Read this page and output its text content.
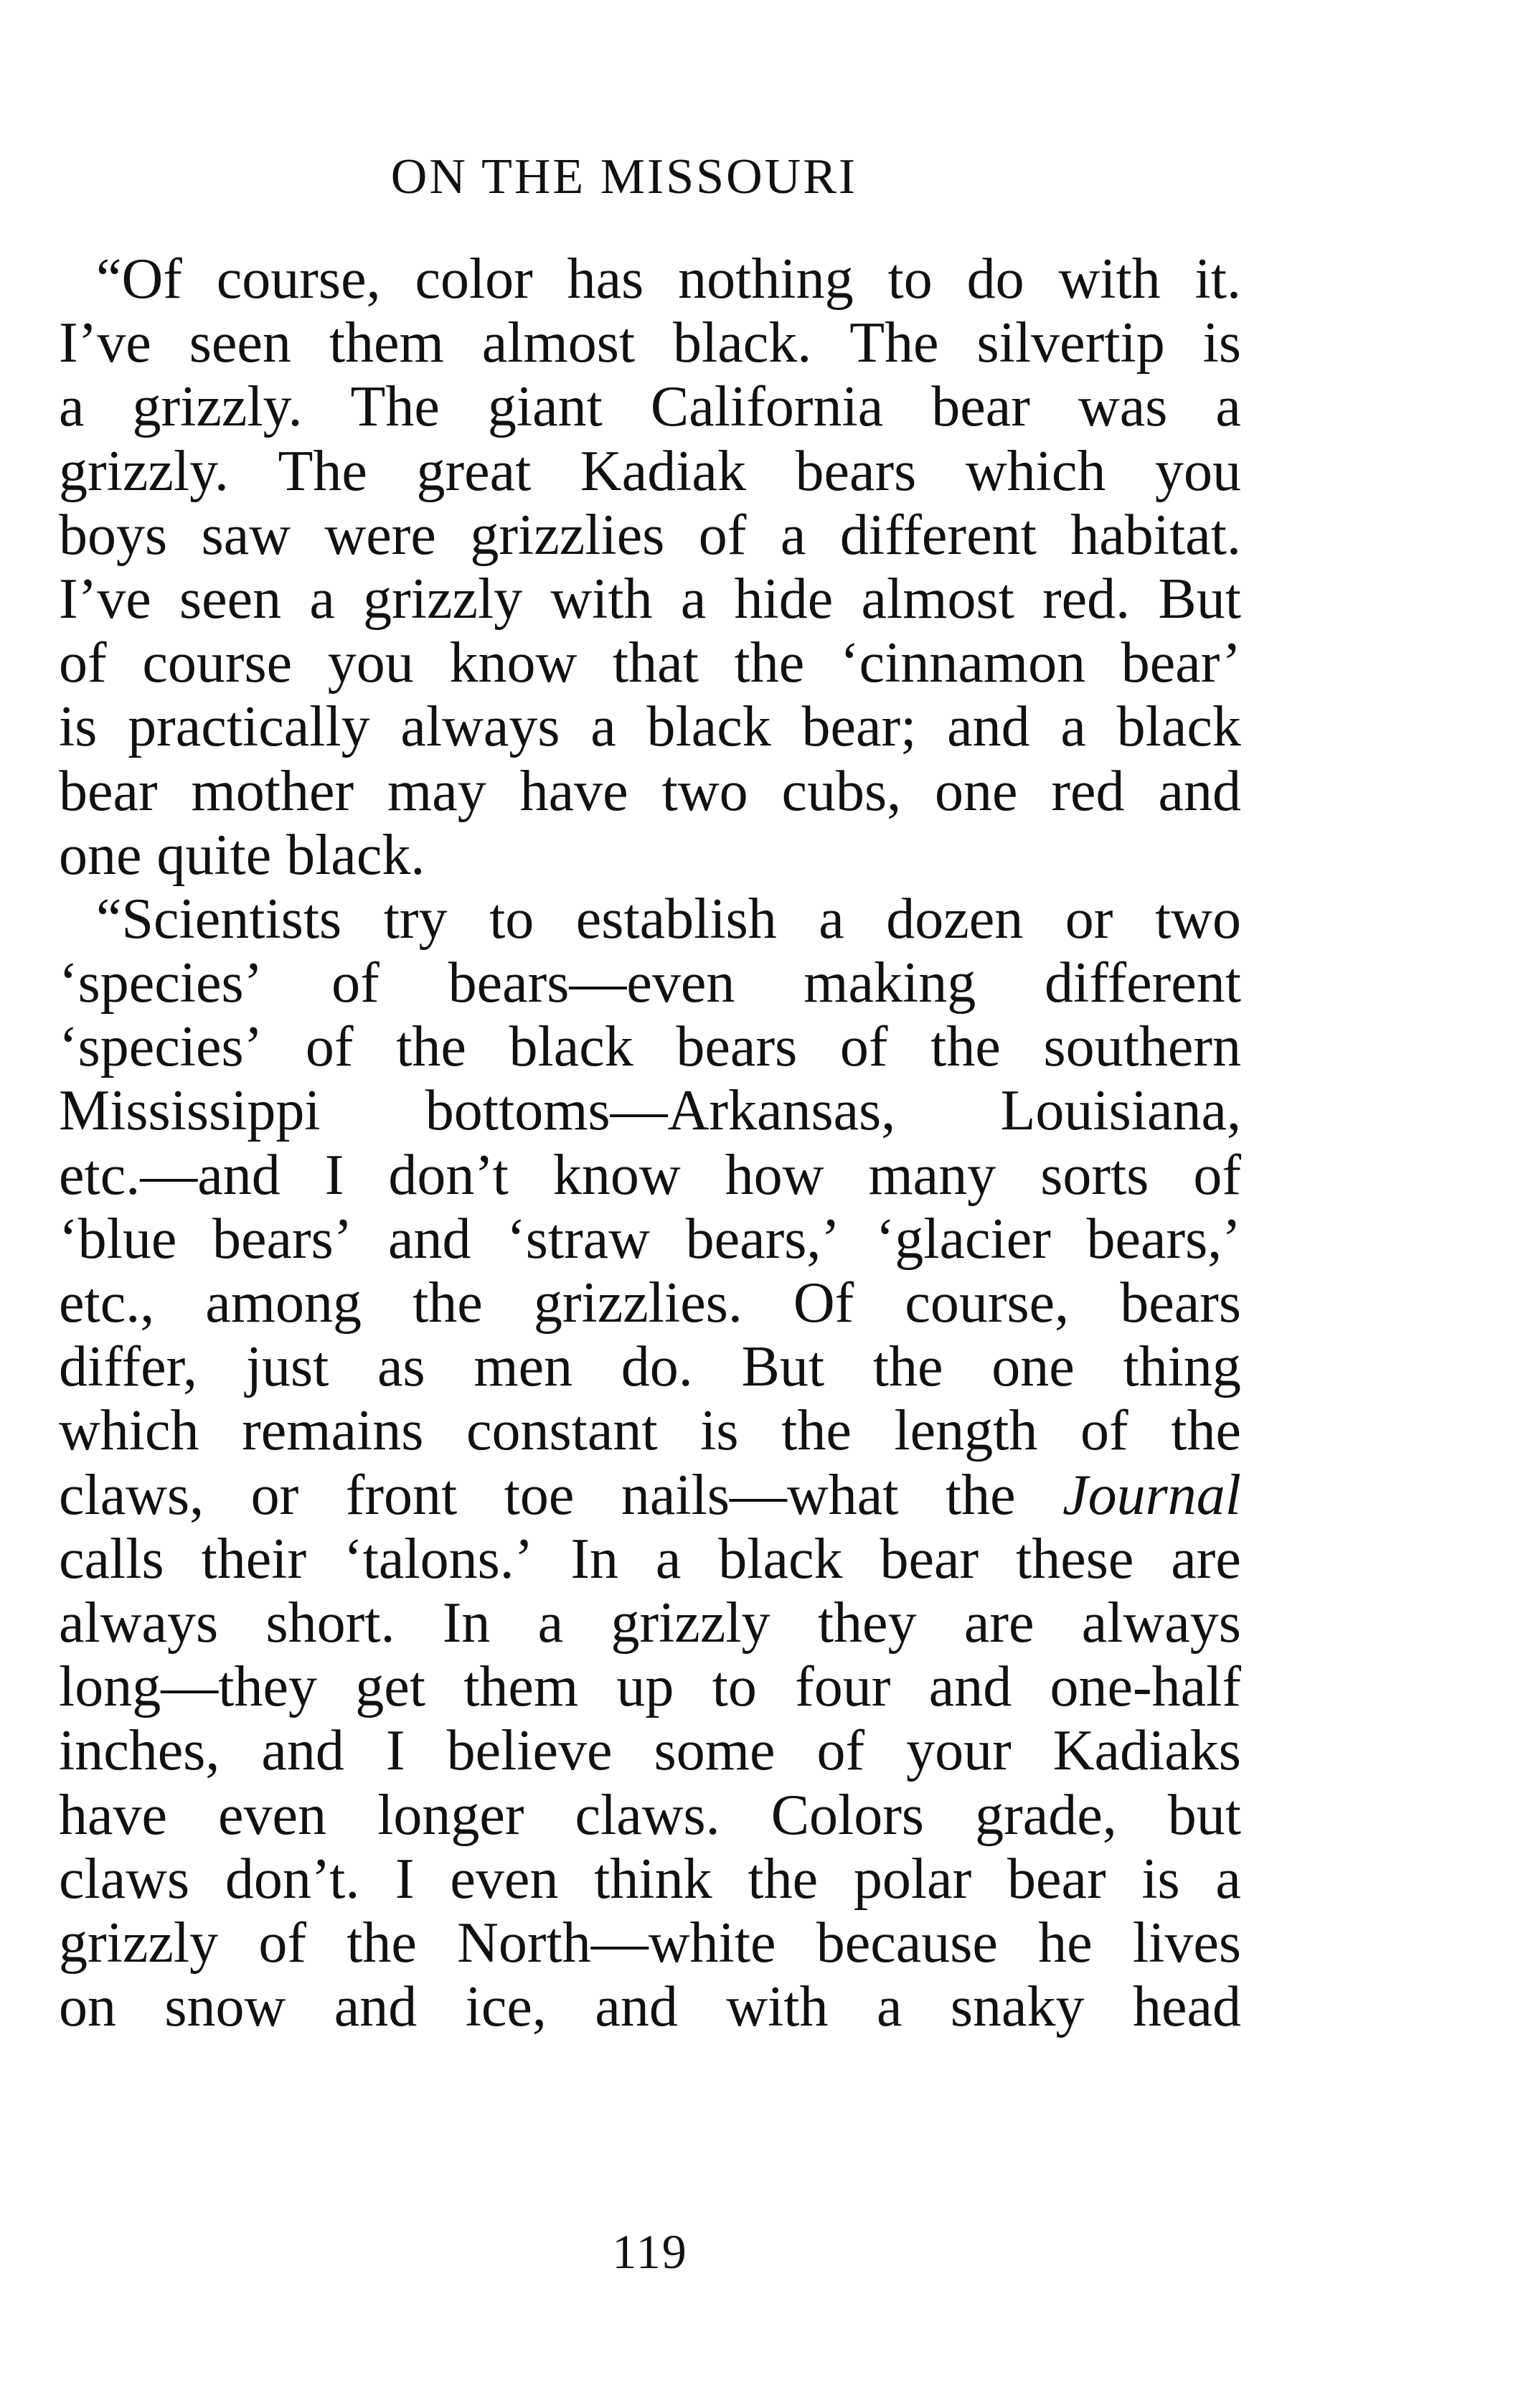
ON THE MISSOURI
“Of course, color has nothing to do with it.
I’ve seen them almost black. The silvertip is
a grizzly. The giant California bear was a
grizzly. The great Kadiak bears which you
boys saw were grizzlies of a different habitat.
I’ve seen a grizzly with a hide almost red. But
of course you know that the ‘cinnamon bear’
is practically always a black bear; and a black
bear mother may have two cubs, one red and
one quite black.
“Scientists try to establish a dozen or two
‘species’ of bears—even making different
‘species’ of the black bears of the southern
Mississippi bottoms—Arkansas, Louisiana,
etc.—and I don’t know how many sorts of
‘blue bears’ and ‘straw bears,’ ‘glacier bears,’
etc., among the grizzlies. Of course, bears
differ, just as men do. But the one thing
which remains constant is the length of the
claws, or front toe nails—what the Journal
calls their ‘talons.’ In a black bear these are
always short. In a grizzly they are always
long—they get them up to four and one-half
inches, and I believe some of your Kadiaks
have even longer claws. Colors grade, but
claws don’t. I even think the polar bear is a
grizzly of the North—white because he lives
on snow and ice, and with a snaky head
119
